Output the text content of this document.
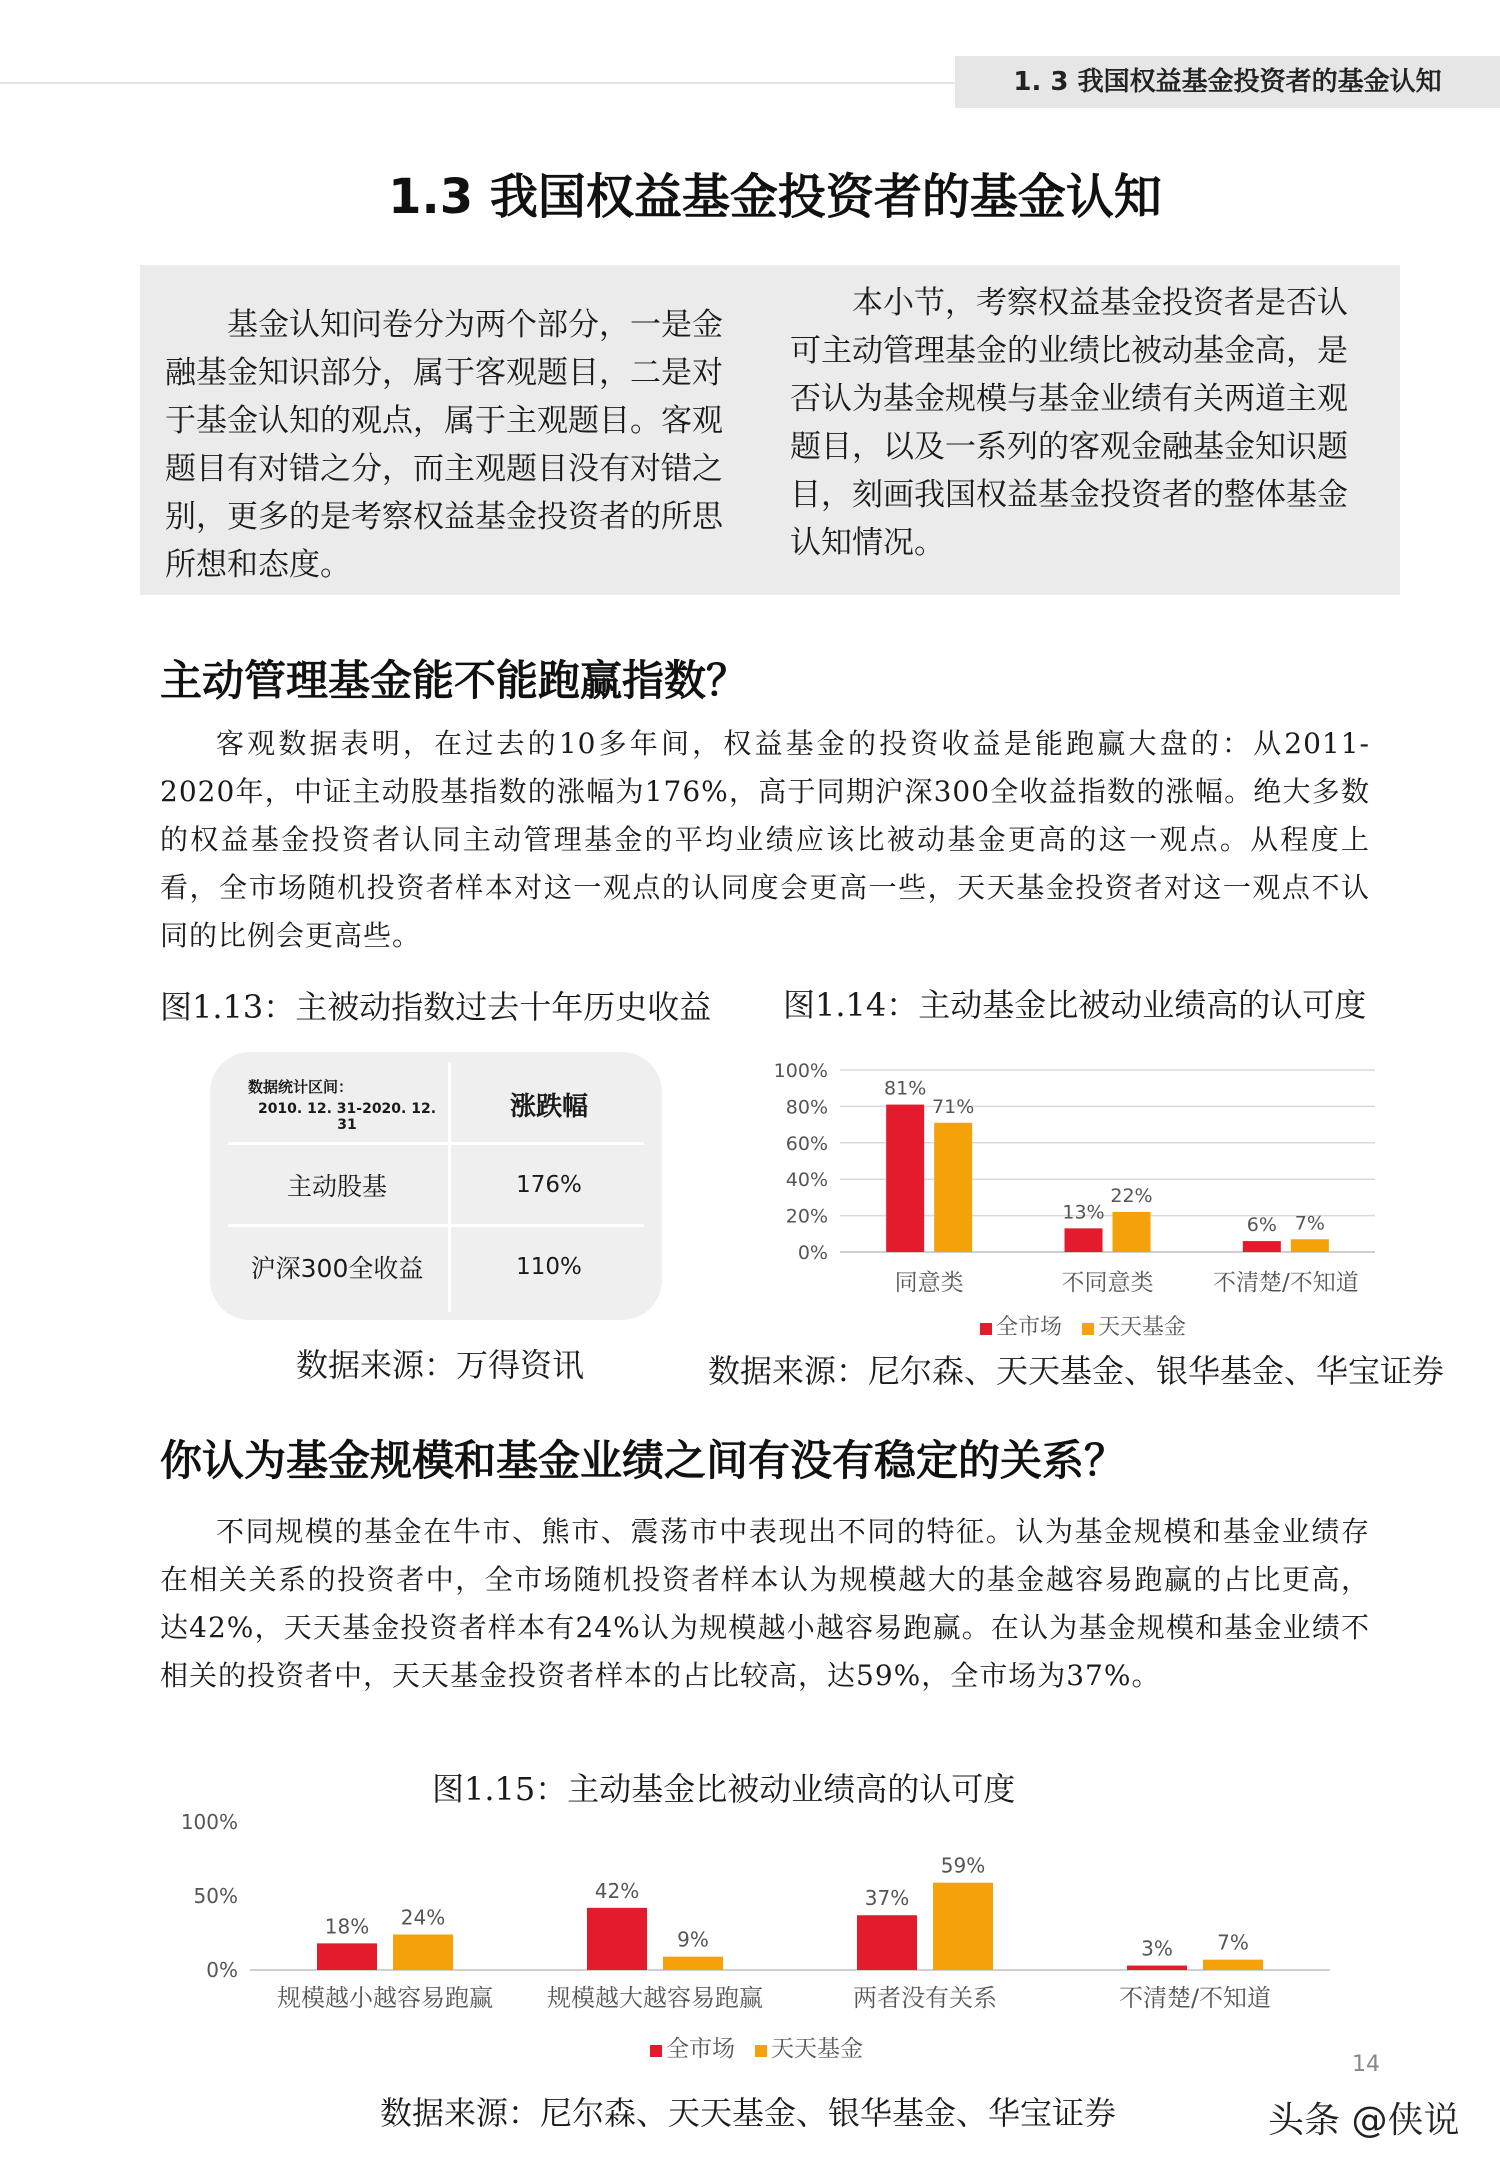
1. 3 我国权益基金投资者的基金认知
1.3 我国权益基金投资者的基金认知

基金认知问卷分为两个部分，一是金融基金知识部分，属于客观题目，二是对于基金认知的观点，属于主观题目。客观题目有对错之分，而主观题目没有对错之别，更多的是考察权益基金投资者的所思所想和态度。

本小节，考察权益基金投资者是否认可主动管理基金的业绩比被动基金高，是否认为基金规模与基金业绩有关两道主观题目，以及一系列的客观金融基金知识题目，刻画我国权益基金投资者的整体基金认知情况。

主动管理基金能不能跑赢指数？

客观数据表明，在过去的10多年间，权益基金的投资收益是能跑赢大盘的：从2011-2020年，中证主动股基指数的涨幅为176%，高于同期沪深300全收益指数的涨幅。绝大多数的权益基金投资者认同主动管理基金的平均业绩应该比被动基金更高的这一观点。从程度上看，全市场随机投资者样本对这一观点的认同度会更高一些，天天基金投资者对这一观点不认同的比例会更高些。

图1.13：主被动指数过去十年历史收益
数据统计区间：
2010. 12. 31-2020. 12. 31
涨跌幅
主动股基	176%
沪深300全收益	110%
数据来源：万得资讯
图1.14：主动基金比被动业绩高的认可度
0%
20%
40%
60%
80%
100%
同意类
81%
71%
不同意类
13%
22%
不清楚/不知道
6% 7%
全市场 天天基金
数据来源：尼尔森、天天基金、银华基金、华宝证券
你认为基金规模和基金业绩之间有没有稳定的关系？

不同规模的基金在牛市、熊市、震荡市中表现出不同的特征。认为基金规模和基金业绩存在相关关系的投资者中，全市场随机投资者样本认为规模越大的基金越容易跑赢的占比更高，达42%，天天基金投资者样本有24%认为规模越小越容易跑赢。在认为基金规模和基金业绩不相关的投资者中，天天基金投资者样本的占比较高，达59%，全市场为37%。

图1.15：主动基金比被动业绩高的认可度
0%
50%
100%
规模越小越容易跑赢
18% 24%
规模越大越容易跑赢
42%
9%
两者没有关系
37%
59%
不清楚/不知道
3% 7%
全市场 天天基金
数据来源：尼尔森、天天基金、银华基金、华宝证券
14
头条 @侠说
